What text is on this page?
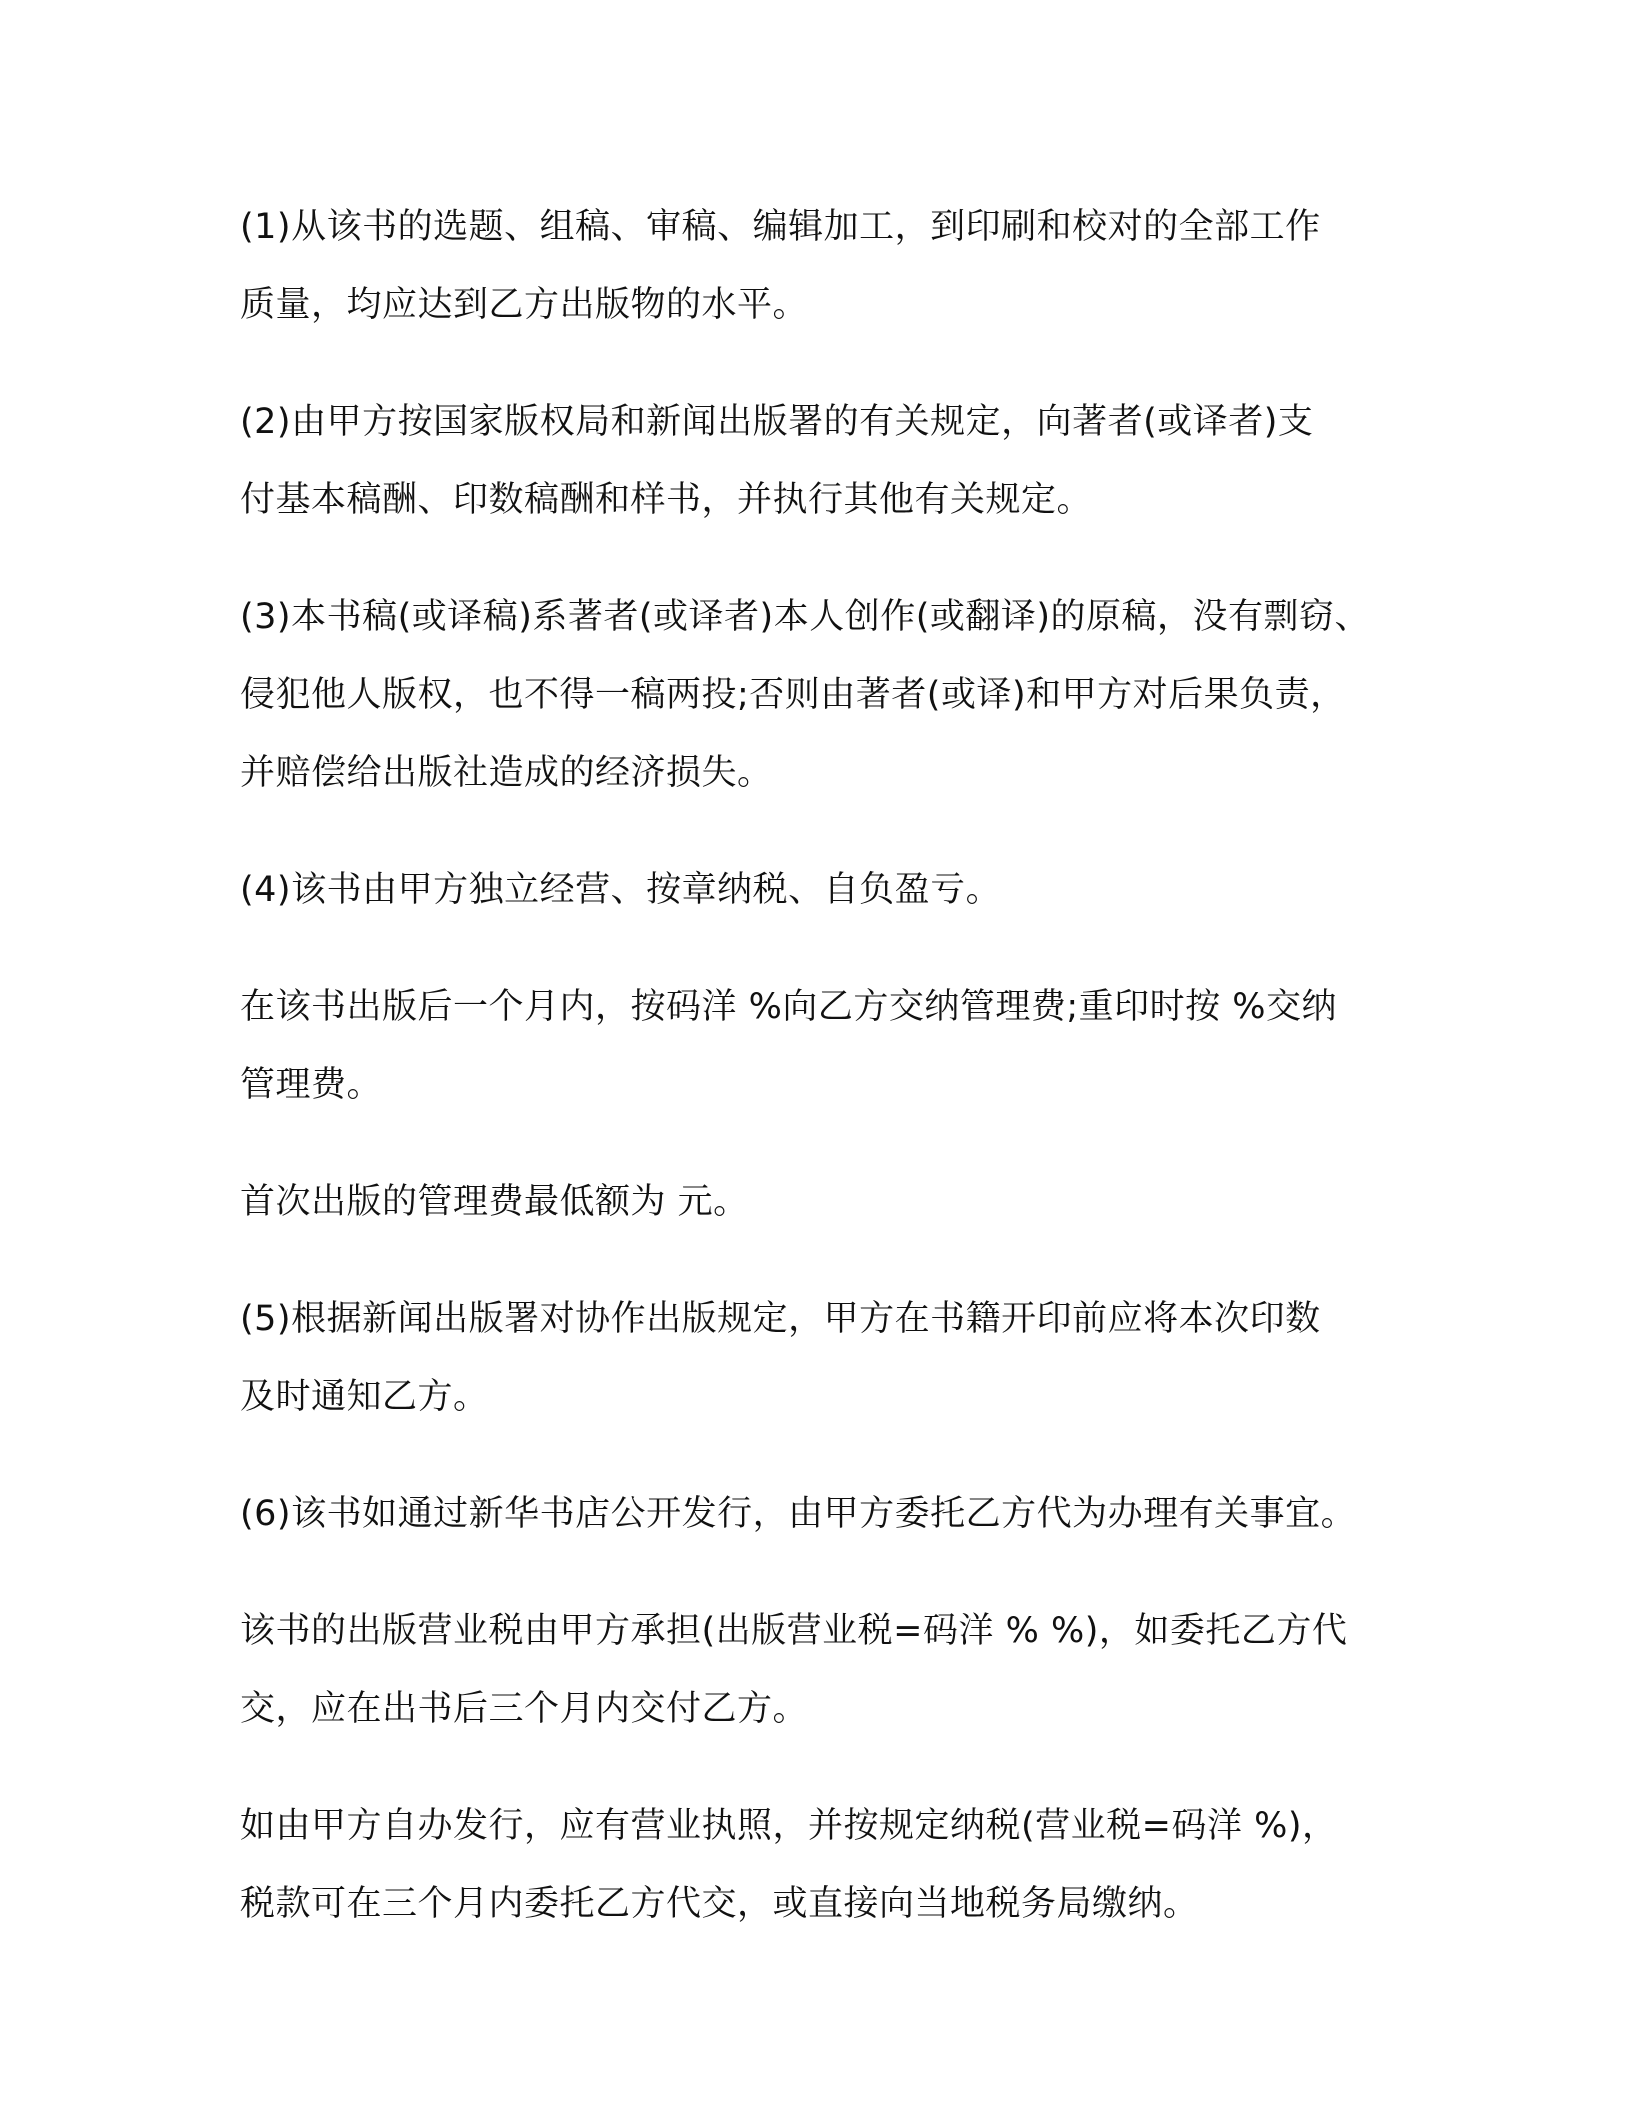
(1)从该书的选题、组稿、审稿、编辑加工，到印刷和校对的全部工作
质量，均应达到乙方出版物的水平。

(2)由甲方按国家版权局和新闻出版署的有关规定，向著者(或译者)支
付基本稿酬、印数稿酬和样书，并执行其他有关规定。

(3)本书稿(或译稿)系著者(或译者)本人创作(或翻译)的原稿，没有剽窃、
侵犯他人版权，也不得一稿两投;否则由著者(或译)和甲方对后果负责，
并赔偿给出版社造成的经济损失。

(4)该书由甲方独立经营、按章纳税、自负盈亏。

在该书出版后一个月内，按码洋 %向乙方交纳管理费;重印时按 %交纳
管理费。

首次出版的管理费最低额为 元。

(5)根据新闻出版署对协作出版规定，甲方在书籍开印前应将本次印数
及时通知乙方。

(6)该书如通过新华书店公开发行，由甲方委托乙方代为办理有关事宜。

该书的出版营业税由甲方承担(出版营业税=码洋 % %)，如委托乙方代
交，应在出书后三个月内交付乙方。

如由甲方自办发行，应有营业执照，并按规定纳税(营业税=码洋 %)，
税款可在三个月内委托乙方代交，或直接向当地税务局缴纳。
